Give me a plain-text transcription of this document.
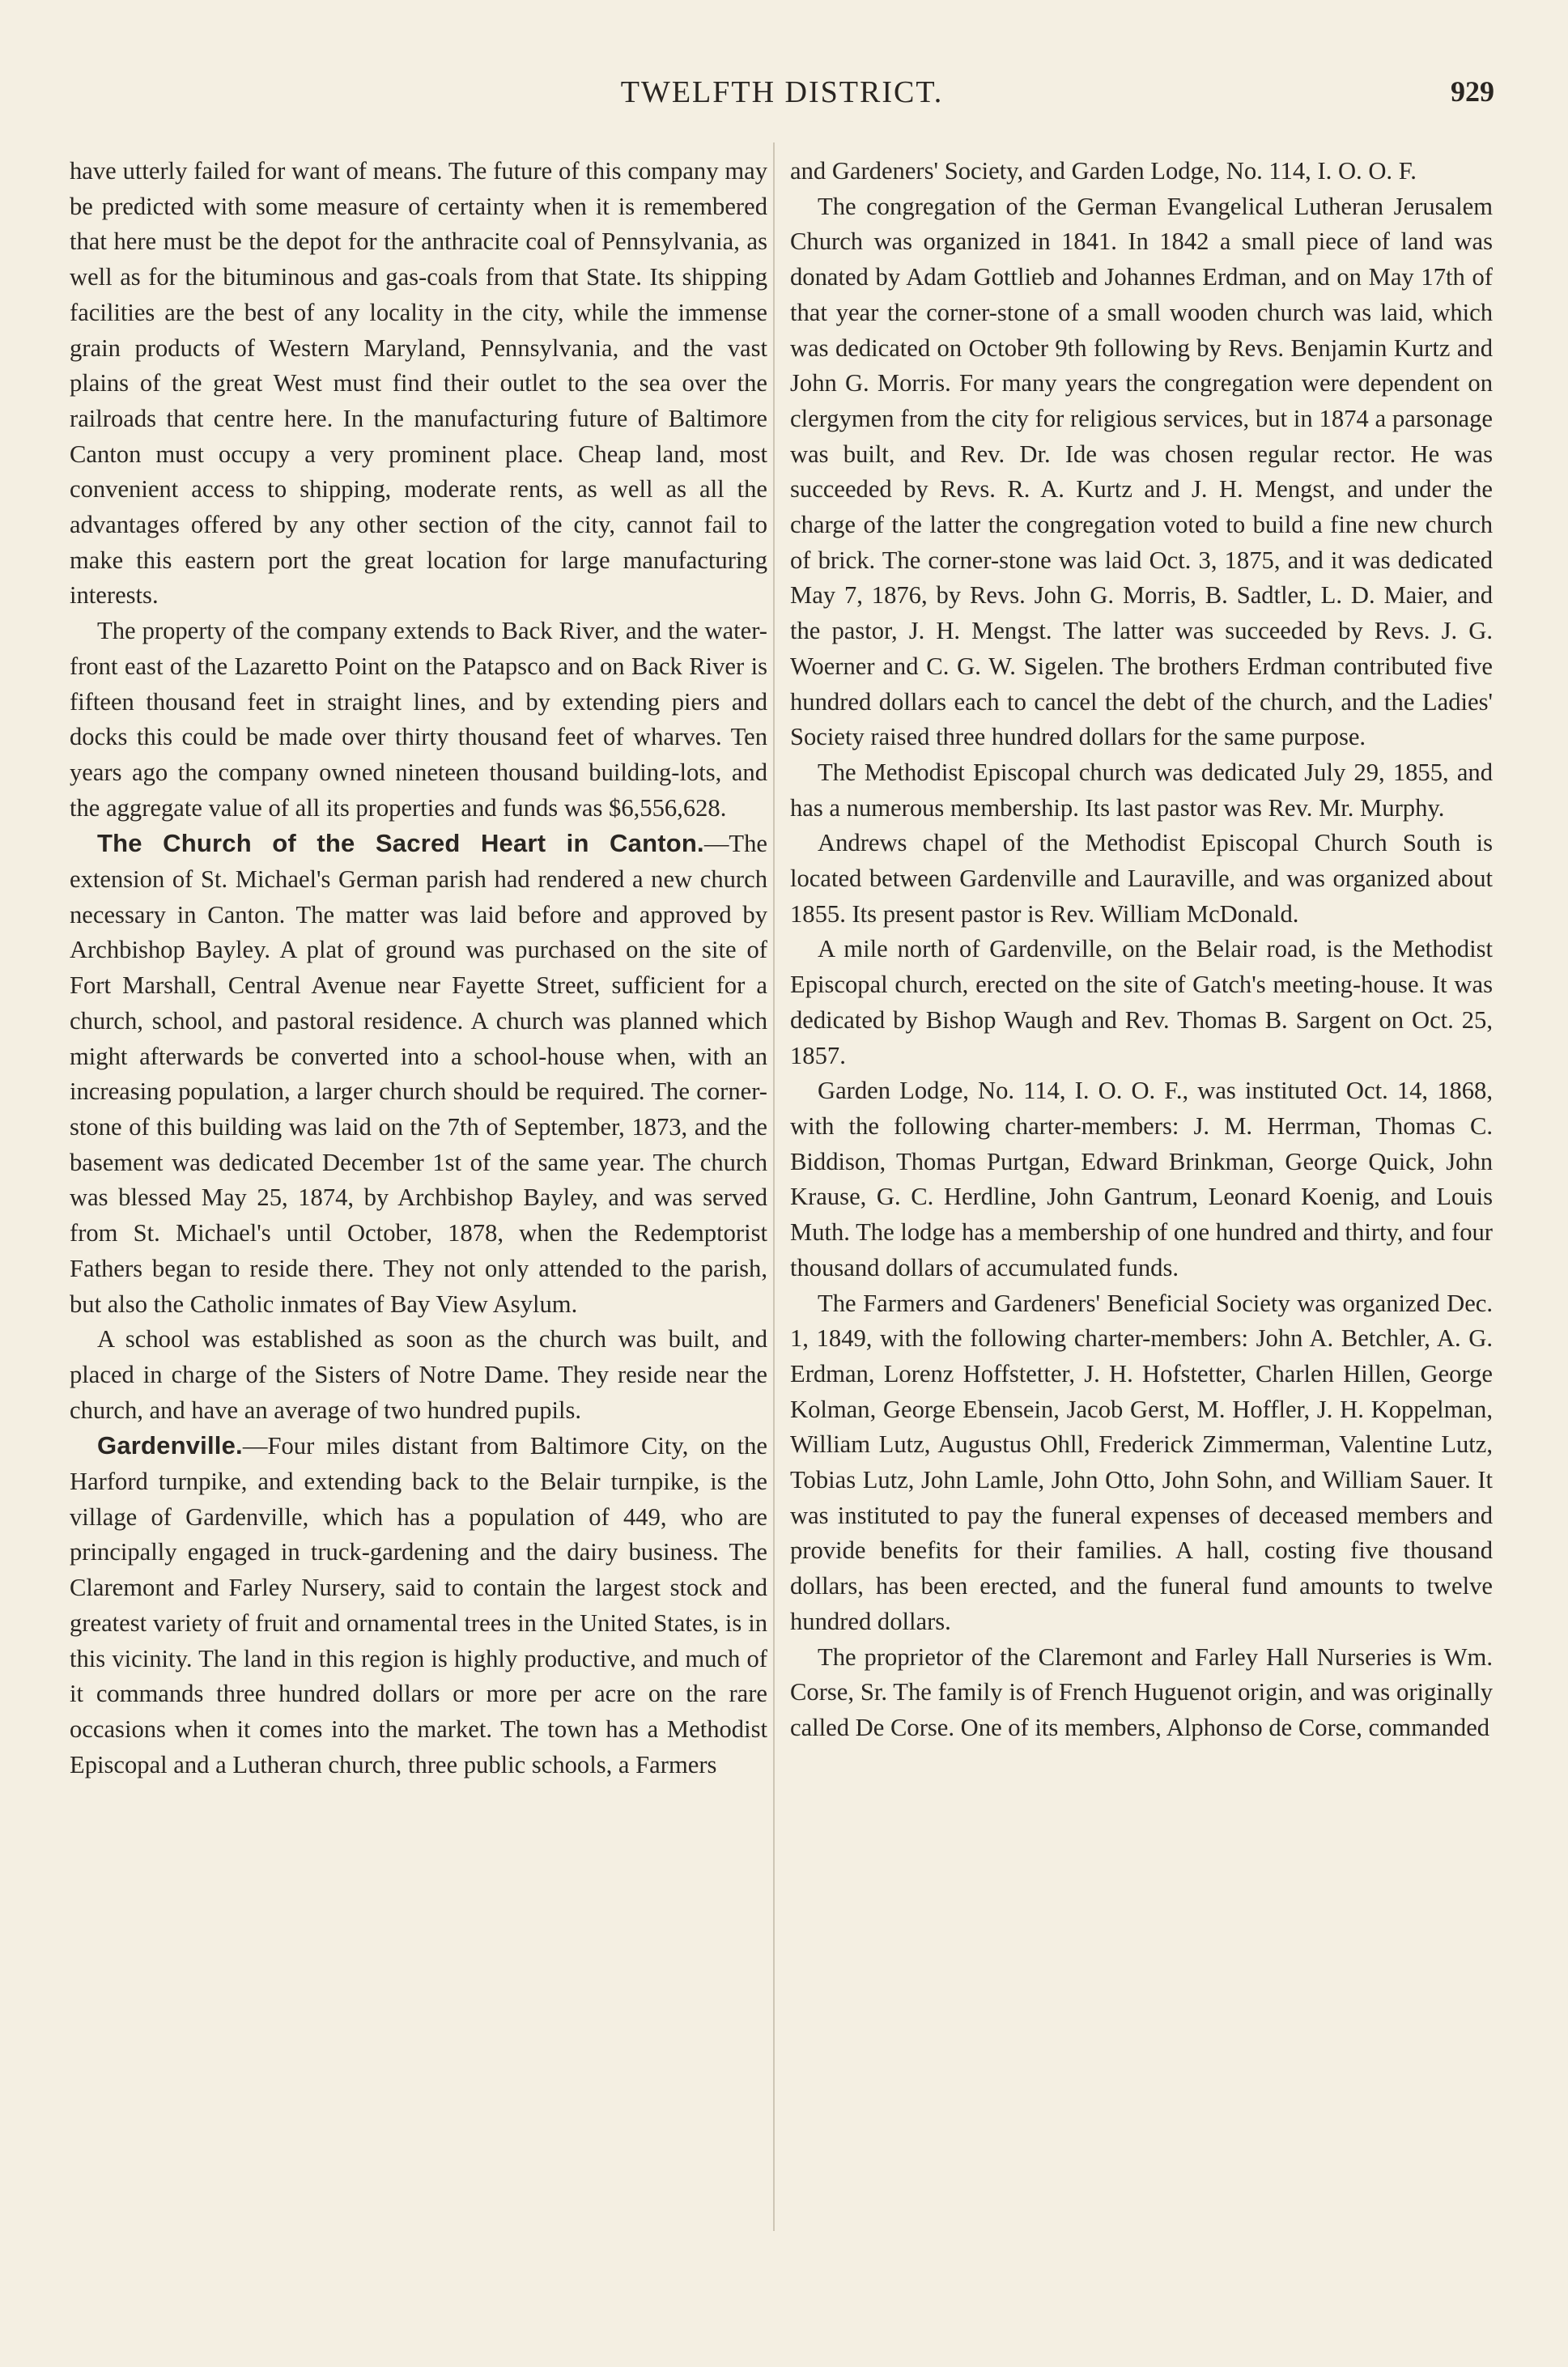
TWELFTH DISTRICT.	929

have utterly failed for want of means. The future of this company may be predicted with some measure of certainty when it is remembered that here must be the depot for the anthracite coal of Pennsylvania, as well as for the bituminous and gas-coals from that State. Its shipping facilities are the best of any locality in the city, while the immense grain products of Western Maryland, Pennsylvania, and the vast plains of the great West must find their outlet to the sea over the railroads that centre here. In the manufacturing future of Baltimore Canton must occupy a very prominent place. Cheap land, most convenient access to shipping, moderate rents, as well as all the advantages offered by any other section of the city, cannot fail to make this eastern port the great location for large manufacturing interests.

The property of the company extends to Back River, and the water-front east of the Lazaretto Point on the Patapsco and on Back River is fifteen thousand feet in straight lines, and by extending piers and docks this could be made over thirty thousand feet of wharves. Ten years ago the company owned nineteen thousand building-lots, and the aggregate value of all its properties and funds was $6,556,628.

The Church of the Sacred Heart in Canton.—The extension of St. Michael's German parish had rendered a new church necessary in Canton. The matter was laid before and approved by Archbishop Bayley. A plat of ground was purchased on the site of Fort Marshall, Central Avenue near Fayette Street, sufficient for a church, school, and pastoral residence. A church was planned which might afterwards be converted into a school-house when, with an increasing population, a larger church should be required. The corner-stone of this building was laid on the 7th of September, 1873, and the basement was dedicated December 1st of the same year. The church was blessed May 25, 1874, by Archbishop Bayley, and was served from St. Michael's until October, 1878, when the Redemptorist Fathers began to reside there. They not only attended to the parish, but also the Catholic inmates of Bay View Asylum.

A school was established as soon as the church was built, and placed in charge of the Sisters of Notre Dame. They reside near the church, and have an average of two hundred pupils.

Gardenville.—Four miles distant from Baltimore City, on the Harford turnpike, and extending back to the Belair turnpike, is the village of Gardenville, which has a population of 449, who are principally engaged in truck-gardening and the dairy business. The Claremont and Farley Nursery, said to contain the largest stock and greatest variety of fruit and ornamental trees in the United States, is in this vicinity. The land in this region is highly productive, and much of it commands three hundred dollars or more per acre on the rare occasions when it comes into the market. The town has a Methodist Episcopal and a Lutheran church, three public schools, a Farmers

and Gardeners' Society, and Garden Lodge, No. 114, I. O. O. F.

The congregation of the German Evangelical Lutheran Jerusalem Church was organized in 1841. In 1842 a small piece of land was donated by Adam Gottlieb and Johannes Erdman, and on May 17th of that year the corner-stone of a small wooden church was laid, which was dedicated on October 9th following by Revs. Benjamin Kurtz and John G. Morris. For many years the congregation were dependent on clergymen from the city for religious services, but in 1874 a parsonage was built, and Rev. Dr. Ide was chosen regular rector. He was succeeded by Revs. R. A. Kurtz and J. H. Mengst, and under the charge of the latter the congregation voted to build a fine new church of brick. The corner-stone was laid Oct. 3, 1875, and it was dedicated May 7, 1876, by Revs. John G. Morris, B. Sadtler, L. D. Maier, and the pastor, J. H. Mengst. The latter was succeeded by Revs. J. G. Woerner and C. G. W. Sigelen. The brothers Erdman contributed five hundred dollars each to cancel the debt of the church, and the Ladies' Society raised three hundred dollars for the same purpose.

The Methodist Episcopal church was dedicated July 29, 1855, and has a numerous membership. Its last pastor was Rev. Mr. Murphy.

Andrews chapel of the Methodist Episcopal Church South is located between Gardenville and Lauraville, and was organized about 1855. Its present pastor is Rev. William McDonald.

A mile north of Gardenville, on the Belair road, is the Methodist Episcopal church, erected on the site of Gatch's meeting-house. It was dedicated by Bishop Waugh and Rev. Thomas B. Sargent on Oct. 25, 1857.

Garden Lodge, No. 114, I. O. O. F., was instituted Oct. 14, 1868, with the following charter-members: J. M. Herrman, Thomas C. Biddison, Thomas Purtgan, Edward Brinkman, George Quick, John Krause, G. C. Herdline, John Gantrum, Leonard Koenig, and Louis Muth. The lodge has a membership of one hundred and thirty, and four thousand dollars of accumulated funds.

The Farmers and Gardeners' Beneficial Society was organized Dec. 1, 1849, with the following charter-members: John A. Betchler, A. G. Erdman, Lorenz Hoffstetter, J. H. Hofstetter, Charlen Hillen, George Kolman, George Ebensein, Jacob Gerst, M. Hoffler, J. H. Koppelman, William Lutz, Augustus Ohll, Frederick Zimmerman, Valentine Lutz, Tobias Lutz, John Lamle, John Otto, John Sohn, and William Sauer. It was instituted to pay the funeral expenses of deceased members and provide benefits for their families. A hall, costing five thousand dollars, has been erected, and the funeral fund amounts to twelve hundred dollars.

The proprietor of the Claremont and Farley Hall Nurseries is Wm. Corse, Sr. The family is of French Huguenot origin, and was originally called De Corse. One of its members, Alphonso de Corse, commanded
